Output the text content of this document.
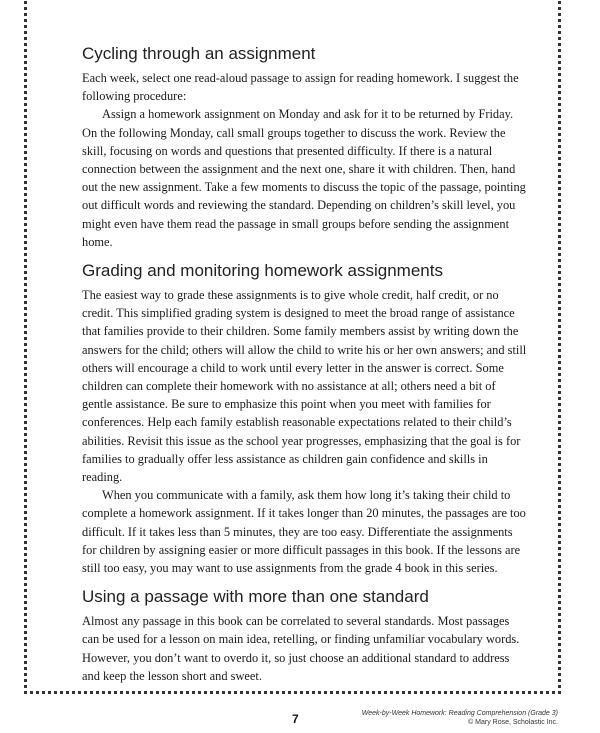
Cycling through an assignment

Each week, select one read-aloud passage to assign for reading homework. I suggest the following procedure:

Assign a homework assignment on Monday and ask for it to be returned by Friday. On the following Monday, call small groups together to discuss the work. Review the skill, focusing on words and questions that presented difficulty. If there is a natural connection between the assignment and the next one, share it with children. Then, hand out the new assignment. Take a few moments to discuss the topic of the passage, pointing out difficult words and reviewing the standard. Depending on children’s skill level, you might even have them read the passage in small groups before sending the assignment home.

Grading and monitoring homework assignments

The easiest way to grade these assignments is to give whole credit, half credit, or no credit. This simplified grading system is designed to meet the broad range of assistance that families provide to their children. Some family members assist by writing down the answers for the child; others will allow the child to write his or her own answers; and still others will encourage a child to work until every letter in the answer is correct. Some children can complete their homework with no assistance at all; others need a bit of gentle assistance. Be sure to emphasize this point when you meet with families for conferences. Help each family establish reasonable expectations related to their child’s abilities. Revisit this issue as the school year progresses, emphasizing that the goal is for families to gradually offer less assistance as children gain confidence and skills in reading.

When you communicate with a family, ask them how long it’s taking their child to complete a homework assignment. If it takes longer than 20 minutes, the passages are too difficult. If it takes less than 5 minutes, they are too easy. Differentiate the assignments for children by assigning easier or more difficult passages in this book. If the lessons are still too easy, you may want to use assignments from the grade 4 book in this series.

Using a passage with more than one standard

Almost any passage in this book can be correlated to several standards. Most passages can be used for a lesson on main idea, retelling, or finding unfamiliar vocabulary words. However, you don’t want to overdo it, so just choose an additional standard to address and keep the lesson short and sweet.

7	Week-by-Week Homework: Reading Comprehension (Grade 3)
© Mary Rose, Scholastic Inc.
